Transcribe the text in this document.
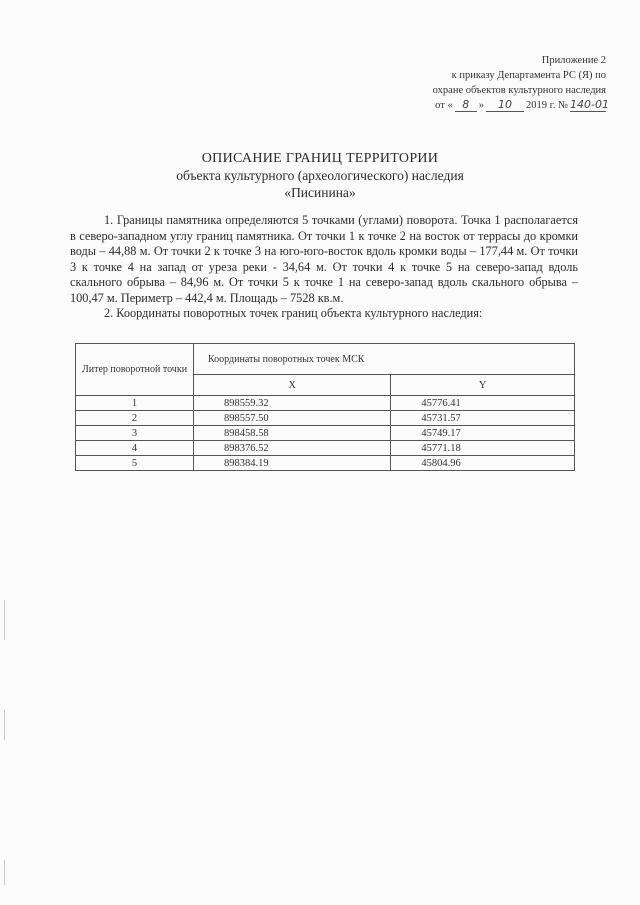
Приложение 2
к приказу Департамента РС (Я) по
охране объектов культурного наследия
от « 8 »	10	2019 г. № 140-01
ОПИСАНИЕ ГРАНИЦ ТЕРРИТОРИИ
объекта культурного (археологического) наследия
«Писинина»

1. Границы памятника определяются 5 точками (углами) поворота. Точка 1 располагается в северо-западном углу границ памятника. От точки 1 к точке 2 на восток от террасы до кромки воды – 44,88 м. От точки 2 к точке 3 на юго-юго-восток вдоль кромки воды – 177,44 м. От точки 3 к точке 4 на запад от уреза реки - 34,64 м. От точки 4 к точке 5 на северо-запад вдоль скального обрыва – 84,96 м. От точки 5 к точке 1 на северо-запад вдоль скального обрыва – 100,47 м. Периметр – 442,4 м. Площадь – 7528 кв.м.

2. Координаты поворотных точек границ объекта культурного наследия:

Литер поворотной точки	Координаты поворотных точек МСК	
	X	Y
1	898559.32	45776.41
2	898557.50	45731.57
3	898458.58	45749.17
4	898376.52	45771.18
5	898384.19	45804.96
